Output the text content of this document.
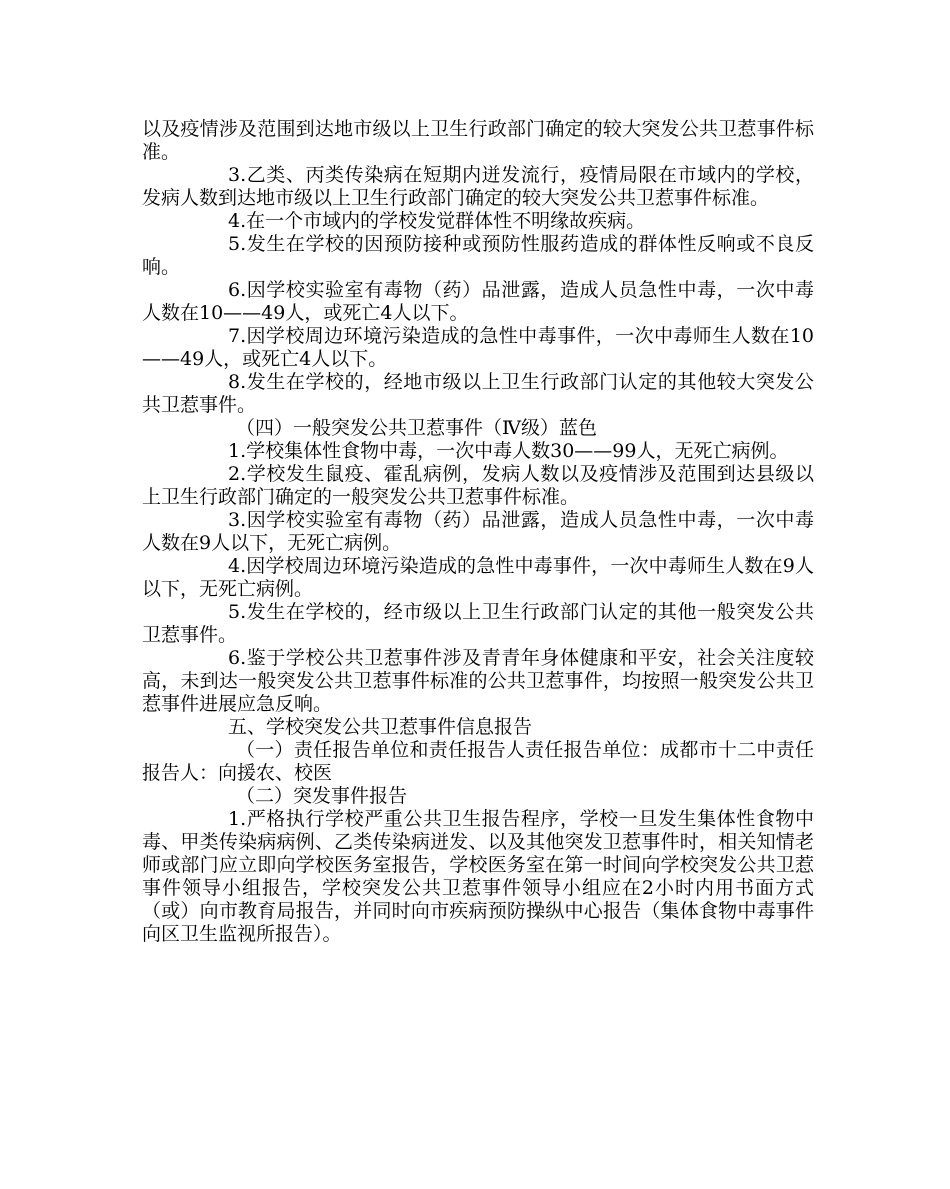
以及疫情涉及范围到达地市级以上卫生行政部门确定的较大突发公共卫惹事件标准。

3.乙类、丙类传染病在短期内迸发流行，疫情局限在市域内的学校，发病人数到达地市级以上卫生行政部门确定的较大突发公共卫惹事件标准。

4.在一个市域内的学校发觉群体性不明缘故疾病。

5.发生在学校的因预防接种或预防性服药造成的群体性反响或不良反响。

6.因学校实验室有毒物（药）品泄露，造成人员急性中毒，一次中毒人数在10——49人，或死亡4人以下。

7.因学校周边环境污染造成的急性中毒事件，一次中毒师生人数在10——49人，或死亡4人以下。

8.发生在学校的，经地市级以上卫生行政部门认定的其他较大突发公共卫惹事件。

（四）一般突发公共卫惹事件（Ⅳ级）蓝色

1.学校集体性食物中毒，一次中毒人数30——99人，无死亡病例。

2.学校发生鼠疫、霍乱病例，发病人数以及疫情涉及范围到达县级以上卫生行政部门确定的一般突发公共卫惹事件标准。

3.因学校实验室有毒物（药）品泄露，造成人员急性中毒，一次中毒人数在9人以下，无死亡病例。

4.因学校周边环境污染造成的急性中毒事件，一次中毒师生人数在9人以下，无死亡病例。

5.发生在学校的，经市级以上卫生行政部门认定的其他一般突发公共卫惹事件。

6.鉴于学校公共卫惹事件涉及青青年身体健康和平安，社会关注度较高，未到达一般突发公共卫惹事件标准的公共卫惹事件，均按照一般突发公共卫惹事件进展应急反响。

五、学校突发公共卫惹事件信息报告

（一）责任报告单位和责任报告人责任报告单位：成都市十二中责任报告人：向援农、校医

（二）突发事件报告

1.严格执行学校严重公共卫生报告程序，学校一旦发生集体性食物中毒、甲类传染病病例、乙类传染病迸发、以及其他突发卫惹事件时，相关知情老师或部门应立即向学校医务室报告，学校医务室在第一时间向学校突发公共卫惹事件领导小组报告，学校突发公共卫惹事件领导小组应在2小时内用书面方式（或）向市教育局报告，并同时向市疾病预防操纵中心报告（集体食物中毒事件向区卫生监视所报告）。
